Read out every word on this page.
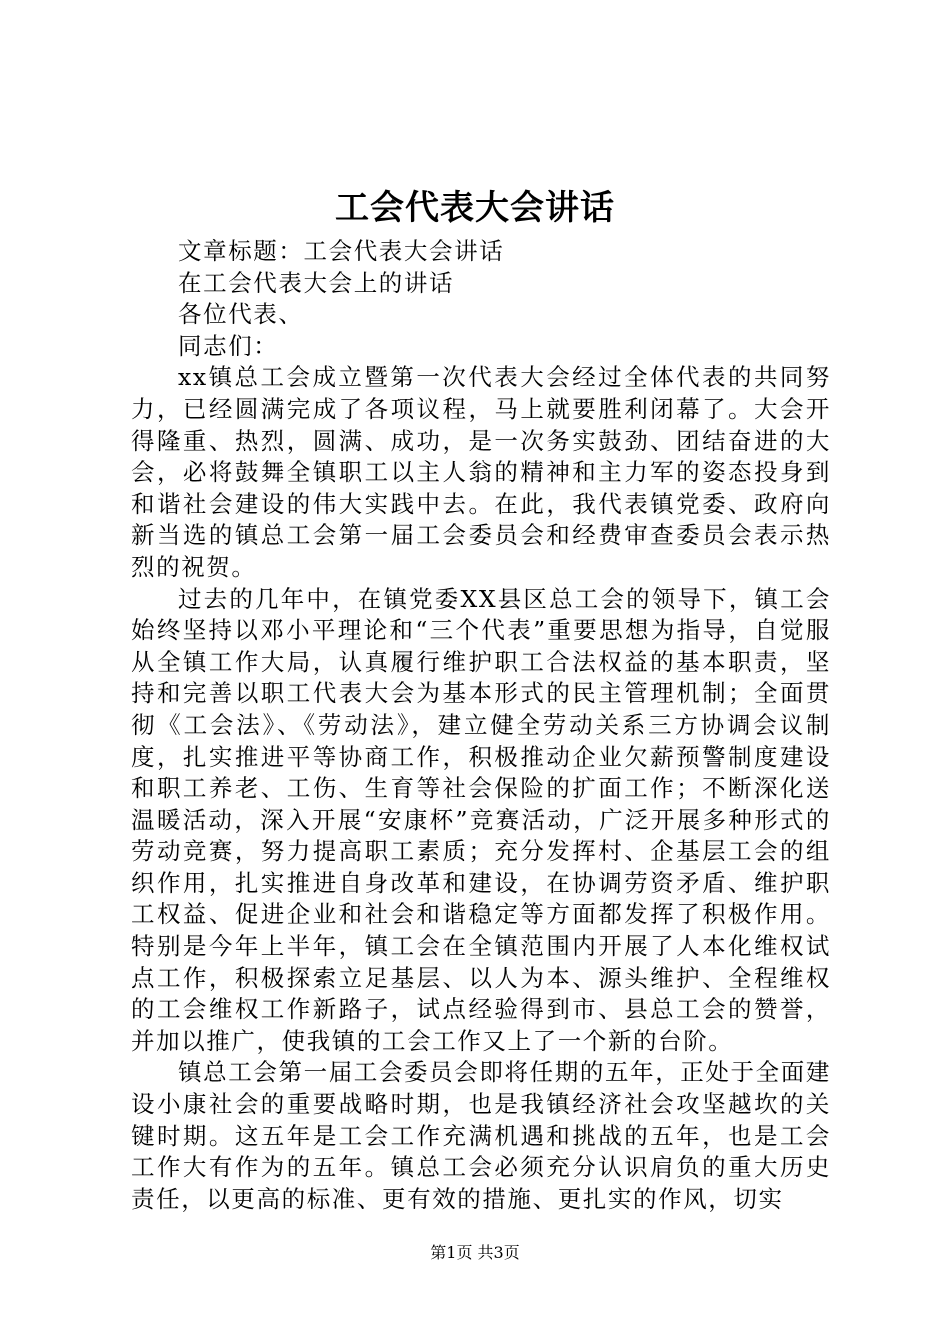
工会代表大会讲话

文章标题：工会代表大会讲话

在工会代表大会上的讲话

各位代表、

同志们：

xx镇总工会成立暨第一次代表大会经过全体代表的共同努力，已经圆满完成了各项议程，马上就要胜利闭幕了。大会开得隆重、热烈，圆满、成功，是一次务实鼓劲、团结奋进的大会，必将鼓舞全镇职工以主人翁的精神和主力军的姿态投身到和谐社会建设的伟大实践中去。在此，我代表镇党委、政府向新当选的镇总工会第一届工会委员会和经费审查委员会表示热烈的祝贺。

过去的几年中，在镇党委XX县区总工会的领导下，镇工会始终坚持以邓小平理论和“三个代表”重要思想为指导，自觉服从全镇工作大局，认真履行维护职工合法权益的基本职责，坚持和完善以职工代表大会为基本形式的民主管理机制；全面贯彻《工会法》、《劳动法》，建立健全劳动关系三方协调会议制度，扎实推进平等协商工作，积极推动企业欠薪预警制度建设和职工养老、工伤、生育等社会保险的扩面工作；不断深化送温暖活动，深入开展“安康杯”竞赛活动，广泛开展多种形式的劳动竞赛，努力提高职工素质；充分发挥村、企基层工会的组织作用，扎实推进自身改革和建设，在协调劳资矛盾、维护职工权益、促进企业和社会和谐稳定等方面都发挥了积极作用。特别是今年上半年，镇工会在全镇范围内开展了人本化维权试点工作，积极探索立足基层、以人为本、源头维护、全程维权的工会维权工作新路子，试点经验得到市、县总工会的赞誉，并加以推广，使我镇的工会工作又上了一个新的台阶。

镇总工会第一届工会委员会即将任期的五年，正处于全面建设小康社会的重要战略时期，也是我镇经济社会攻坚越坎的关键时期。这五年是工会工作充满机遇和挑战的五年，也是工会工作大有作为的五年。镇总工会必须充分认识肩负的重大历史责任，以更高的标准、更有效的措施、更扎实的作风，切实

第1页 共3页
